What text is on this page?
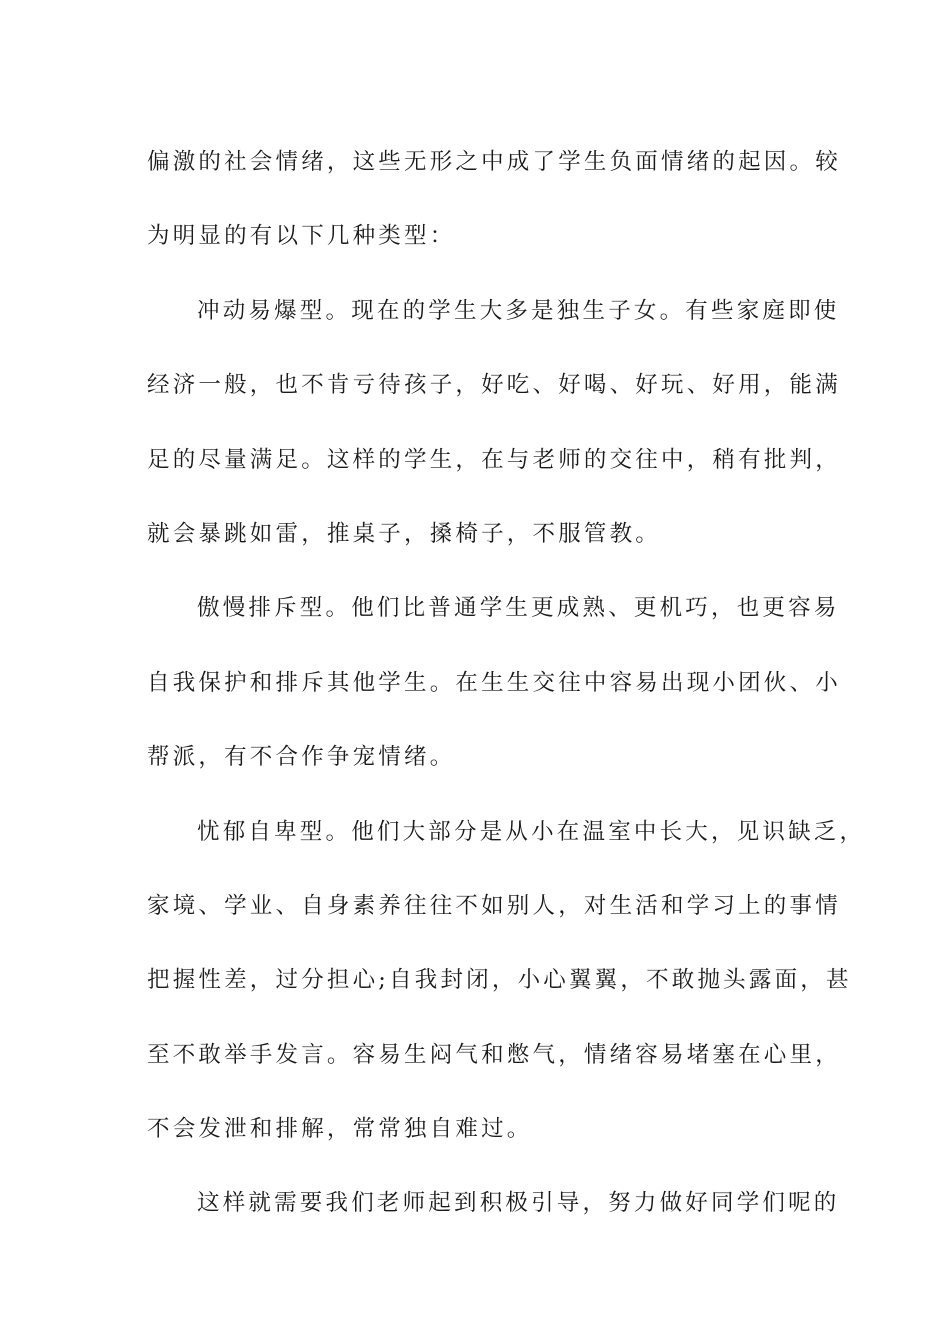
偏激的社会情绪，这些无形之中成了学生负面情绪的起因。较
为明显的有以下几种类型：
冲动易爆型。现在的学生大多是独生子女。有些家庭即使
经济一般，也不肯亏待孩子，好吃、好喝、好玩、好用，能满
足的尽量满足。这样的学生，在与老师的交往中，稍有批判，
就会暴跳如雷，推桌子，搡椅子，不服管教。
傲慢排斥型。他们比普通学生更成熟、更机巧，也更容易
自我保护和排斥其他学生。在生生交往中容易出现小团伙、小
帮派，有不合作争宠情绪。
忧郁自卑型。他们大部分是从小在温室中长大，见识缺乏，
家境、学业、自身素养往往不如别人，对生活和学习上的事情
把握性差，过分担心;自我封闭，小心翼翼，不敢抛头露面，甚
至不敢举手发言。容易生闷气和憋气，情绪容易堵塞在心里，
不会发泄和排解，常常独自难过。
这样就需要我们老师起到积极引导，努力做好同学们呢的
